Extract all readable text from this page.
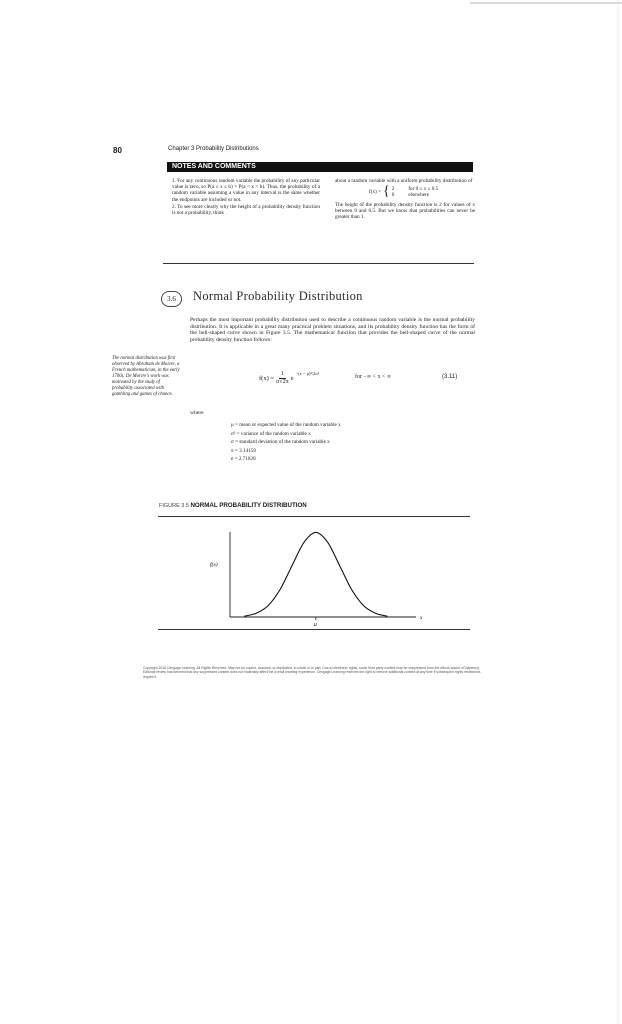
80	Chapter 3 Probability Distributions
NOTES AND COMMENTS

1. For any continuous random variable the probability of any particular value is zero, so P(a ≤ x ≤ b) = P(a < x < b). Thus, the probability of a random variable assuming a value in any interval is the same whether the endpoints are included or not.

2. To see more clearly why the height of a probability density function is not a probability, think

about a random variable with a uniform probability distribution of

f(x) = { 2	for 0 ≤ x ≤ 0.5
0	elsewhere

The height of the probability density function is 2 for values of x between 0 and 0.5. But we know that probabilities can never be greater than 1.

3.6	Normal Probability Distribution

Perhaps the most important probability distribution used to describe a continuous random variable is the normal probability distribution. It is applicable in a great many practical problem situations, and its probability density function has the form of the bell-shaped curve shown in Figure 3.5. The mathematical function that provides the bell-shaped curve of the normal probability density function follows:

The normal distribution was first observed by Abraham de Moivre, a French mathematician, in the early 1700s. De Moivre's work was motivated by the study of probability associated with gambling and games of chance.

$f(x) = \frac{1}{\sigma√2\pi}$ e
−(x − μ)²/2σ²
for −∞ < x < ∞	(3.11)
where
μ = mean or expected value of the random variable x
σ² = variance of the random variable x
σ = standard deviation of the random variable x
π = 3.14159
e = 2.71828
FIGURE 3.5 NORMAL PROBABILITY DISTRIBUTION
f(x)
x
μ

Copyright 2016 Cengage Learning. All Rights Reserved. May not be copied, scanned, or duplicated, in whole or in part. Due to electronic rights, some third party content may be suppressed from the eBook and/or eChapter(s). Editorial review has deemed that any suppressed content does not materially affect the overall learning experience. Cengage Learning reserves the right to remove additional content at any time if subsequent rights restrictions require it.
